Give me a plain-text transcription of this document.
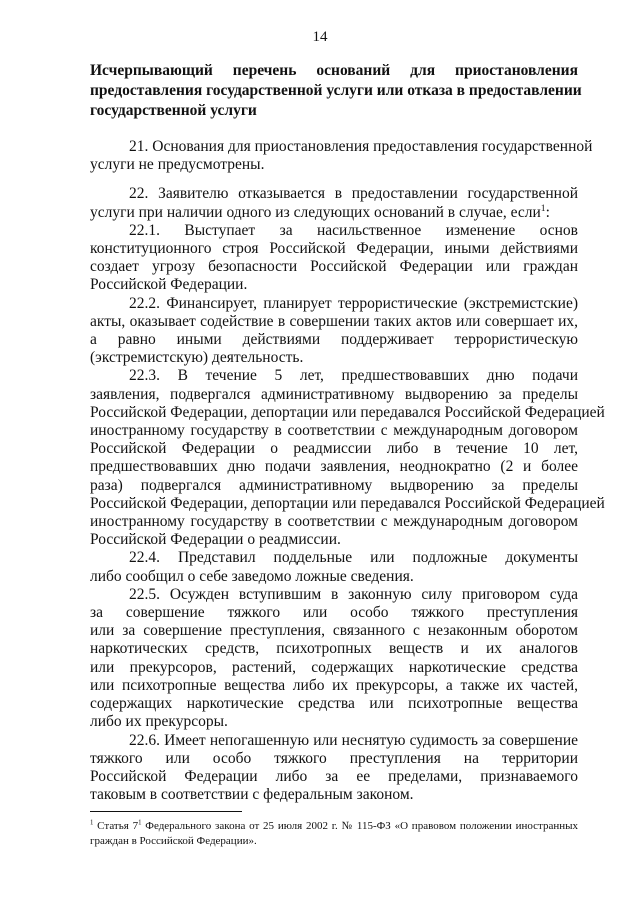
14
Исчерпывающий перечень оснований для приостановления
предоставления государственной услуги или отказа в предоставлении
государственной услуги
21. Основания для приостановления предоставления государственной
услуги не предусмотрены.
22. Заявителю отказывается в предоставлении государственной
услуги при наличии одного из следующих оснований в случае, если$^1$:
22.1. Выступает за насильственное изменение основ
конституционного строя Российской Федерации, иными действиями
создает угрозу безопасности Российской Федерации или граждан
Российской Федерации.
22.2. Финансирует, планирует террористические (экстремистские)
акты, оказывает содействие в совершении таких актов или совершает их,
а равно иными действиями поддерживает террористическую
(экстремистскую) деятельность.
22.3. В течение 5 лет, предшествовавших дню подачи
заявления, подвергался административному выдворению за пределы
Российской Федерации, депортации или передавался Российской Федерацией
иностранному государству в соответствии с международным договором
Российской Федерации о реадмиссии либо в течение 10 лет,
предшествовавших дню подачи заявления, неоднократно (2 и более
раза) подвергался административному выдворению за пределы
Российской Федерации, депортации или передавался Российской Федерацией
иностранному государству в соответствии с международным договором
Российской Федерации о реадмиссии.
22.4. Представил поддельные или подложные документы
либо сообщил о себе заведомо ложные сведения.
22.5. Осужден вступившим в законную силу приговором суда
за совершение тяжкого или особо тяжкого преступления
или за совершение преступления, связанного с незаконным оборотом
наркотических средств, психотропных веществ и их аналогов
или прекурсоров, растений, содержащих наркотические средства
или психотропные вещества либо их прекурсоры, а также их частей,
содержащих наркотические средства или психотропные вещества
либо их прекурсоры.
22.6. Имеет непогашенную или неснятую судимость за совершение
тяжкого или особо тяжкого преступления на территории
Российской Федерации либо за ее пределами, признаваемого
таковым в соответствии с федеральным законом.
$^1$ Статья $7^1$ Федерального закона от 25 июля 2002 г. № 115-ФЗ «О правовом положении иностранных
граждан в Российской Федерации».
